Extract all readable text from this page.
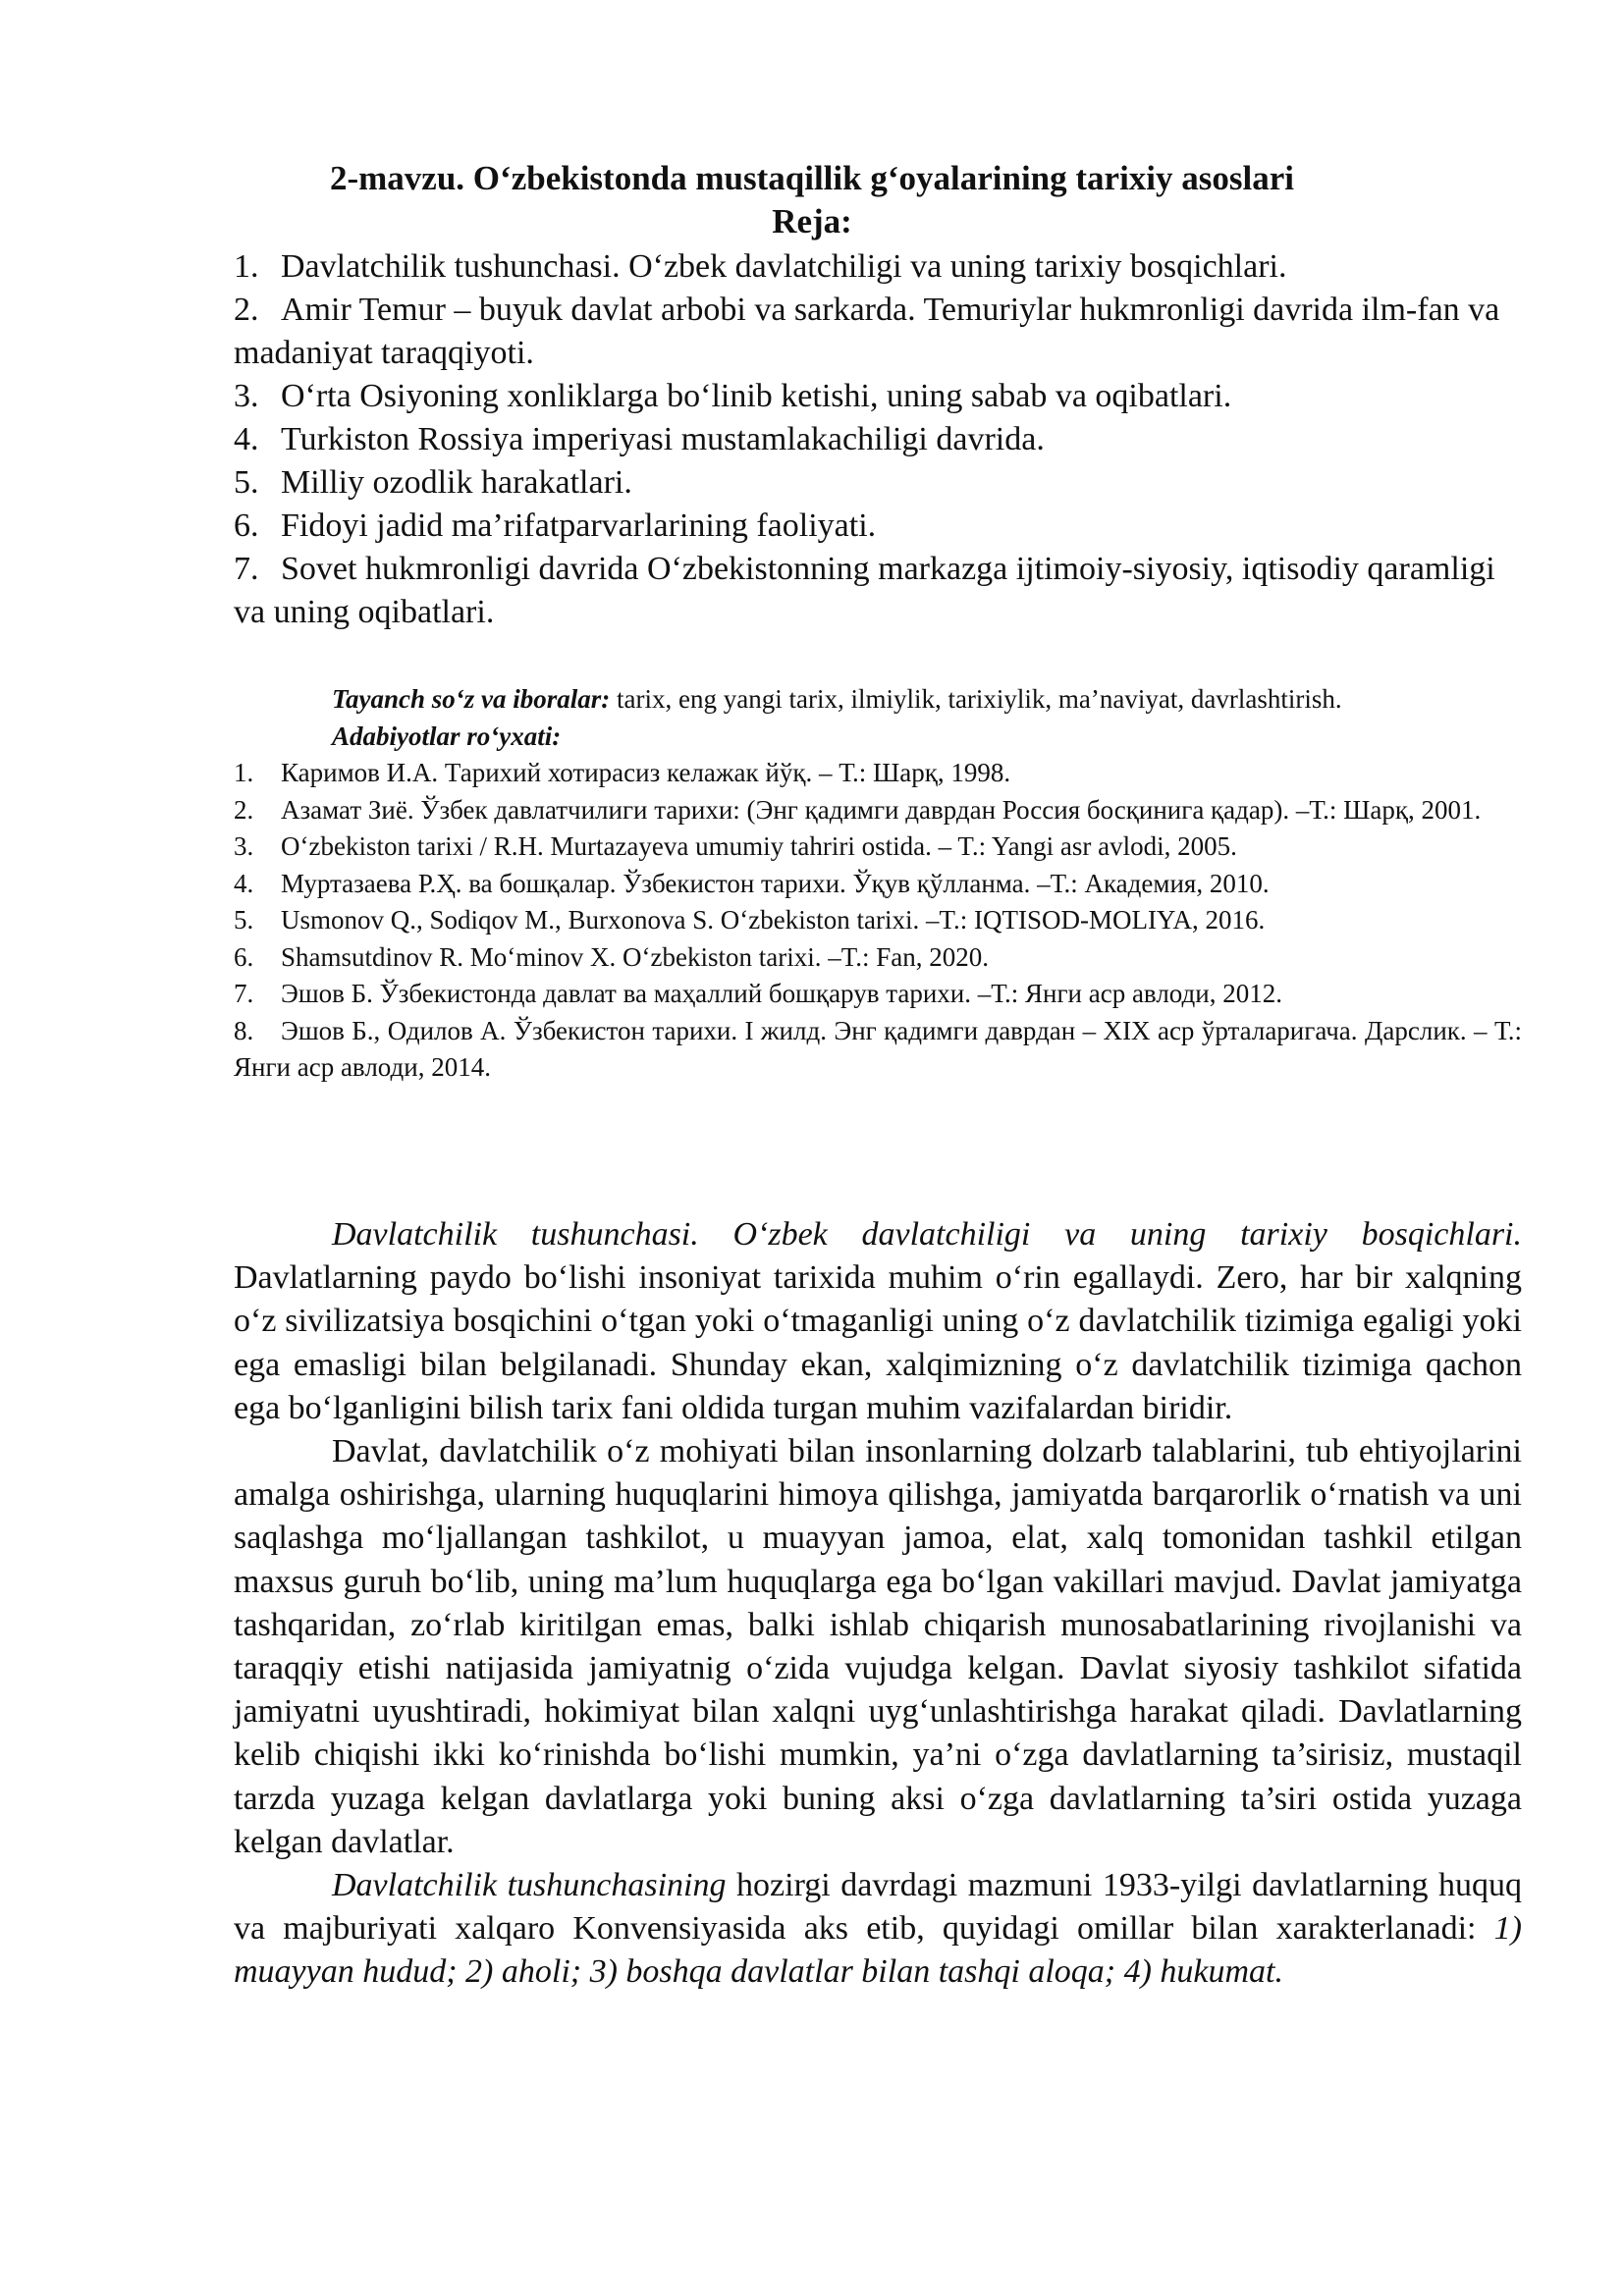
2-mavzu. O‘zbekistonda mustaqillik g‘oyalarining tarixiy asoslari
Reja:
1. Davlatchilik tushunchasi. O‘zbek davlatchiligi va uning tarixiy bosqichlari.
2. Amir Temur – buyuk davlat arbobi va sarkarda. Temuriylar hukmronligi davrida ilm-fan va madaniyat taraqqiyoti.
3. O‘rta Osiyoning xonliklarga bo‘linib ketishi, uning sabab va oqibatlari.
4. Turkiston Rossiya imperiyasi mustamlakachiligi davrida.
5. Milliy ozodlik harakatlari.
6. Fidoyi jadid ma’rifatparvarlarining faoliyati.
7. Sovet hukmronligi davrida O‘zbekistonning markazga ijtimoiy-siyosiy, iqtisodiy qaramligi va uning oqibatlari.

Tayanch so‘z va iboralar: tarix, eng yangi tarix, ilmiylik, tarixiylik, ma’naviyat, davrlashtirish.

Adabiyotlar ro‘yxati:

1. Каримов И.А. Тарихий хотирасиз келажак йўқ. – Т.: Шарқ, 1998.
2. Азамат Зиё. Ўзбек давлатчилиги тарихи: (Энг қадимги даврдан Россия босқинига қадар). –Т.: Шарқ, 2001.
3. O‘zbekiston tarixi / R.H. Murtazayeva umumiy tahriri ostida. – T.: Yangi asr avlodi, 2005.
4. Муртазаева Р.Ҳ. ва бошқалар. Ўзбекистон тарихи. Ўқув қўлланма. –Т.: Академия, 2010.
5. Usmonov Q., Sodiqov M., Burxonova S. O‘zbekiston tarixi. –T.: IQTISOD-MOLIYA, 2016.
6. Shamsutdinov R. Mo‘minov X. O‘zbekiston tarixi. –T.: Fan, 2020.
7. Эшов Б. Ўзбекистонда давлат ва маҳаллий бошқарув тарихи. –Т.: Янги аср авлоди, 2012.
8. Эшов Б., Одилов А. Ўзбекистон тарихи. I жилд. Энг қадимги даврдан – XIX аср ўрталаригача. Дарслик. – Т.: Янги аср авлоди, 2014.

Davlatchilik tushunchasi. O‘zbek davlatchiligi va uning tarixiy bosqichlari. Davlatlarning paydo bo‘lishi insoniyat tarixida muhim o‘rin egallaydi. Zero, har bir xalqning o‘z sivilizatsiya bosqichini o‘tgan yoki o‘tmaganligi uning o‘z davlatchilik tizimiga egaligi yoki ega emasligi bilan belgilanadi. Shunday ekan, xalqimizning o‘z davlatchilik tizimiga qachon ega bo‘lganligini bilish tarix fani oldida turgan muhim vazifalardan biridir.

Davlat, davlatchilik o‘z mohiyati bilan insonlarning dolzarb talablarini, tub ehtiyojlarini amalga oshirishga, ularning huquqlarini himoya qilishga, jamiyatda barqarorlik o‘rnatish va uni saqlashga mo‘ljallangan tashkilot, u muayyan jamoa, elat, xalq tomonidan tashkil etilgan maxsus guruh bo‘lib, uning ma’lum huquqlarga ega bo‘lgan vakillari mavjud. Davlat jamiyatga tashqaridan, zo‘rlab kiritilgan emas, balki ishlab chiqarish munosabatlarining rivojlanishi va taraqqiy etishi natijasida jamiyatnig o‘zida vujudga kelgan. Davlat siyosiy tashkilot sifatida jamiyatni uyushtiradi, hokimiyat bilan xalqni uyg‘unlashtirishga harakat qiladi. Davlatlarning kelib chiqishi ikki ko‘rinishda bo‘lishi mumkin, ya’ni o‘zga davlatlarning ta’sirisiz, mustaqil tarzda yuzaga kelgan davlatlarga yoki buning aksi o‘zga davlatlarning ta’siri ostida yuzaga kelgan davlatlar.

Davlatchilik tushunchasining hozirgi davrdagi mazmuni 1933-yilgi davlatlarning huquq va majburiyati xalqaro Konvensiyasida aks etib, quyidagi omillar bilan xarakterlanadi: 1) muayyan hudud; 2) aholi; 3) boshqa davlatlar bilan tashqi aloqa; 4) hukumat.
